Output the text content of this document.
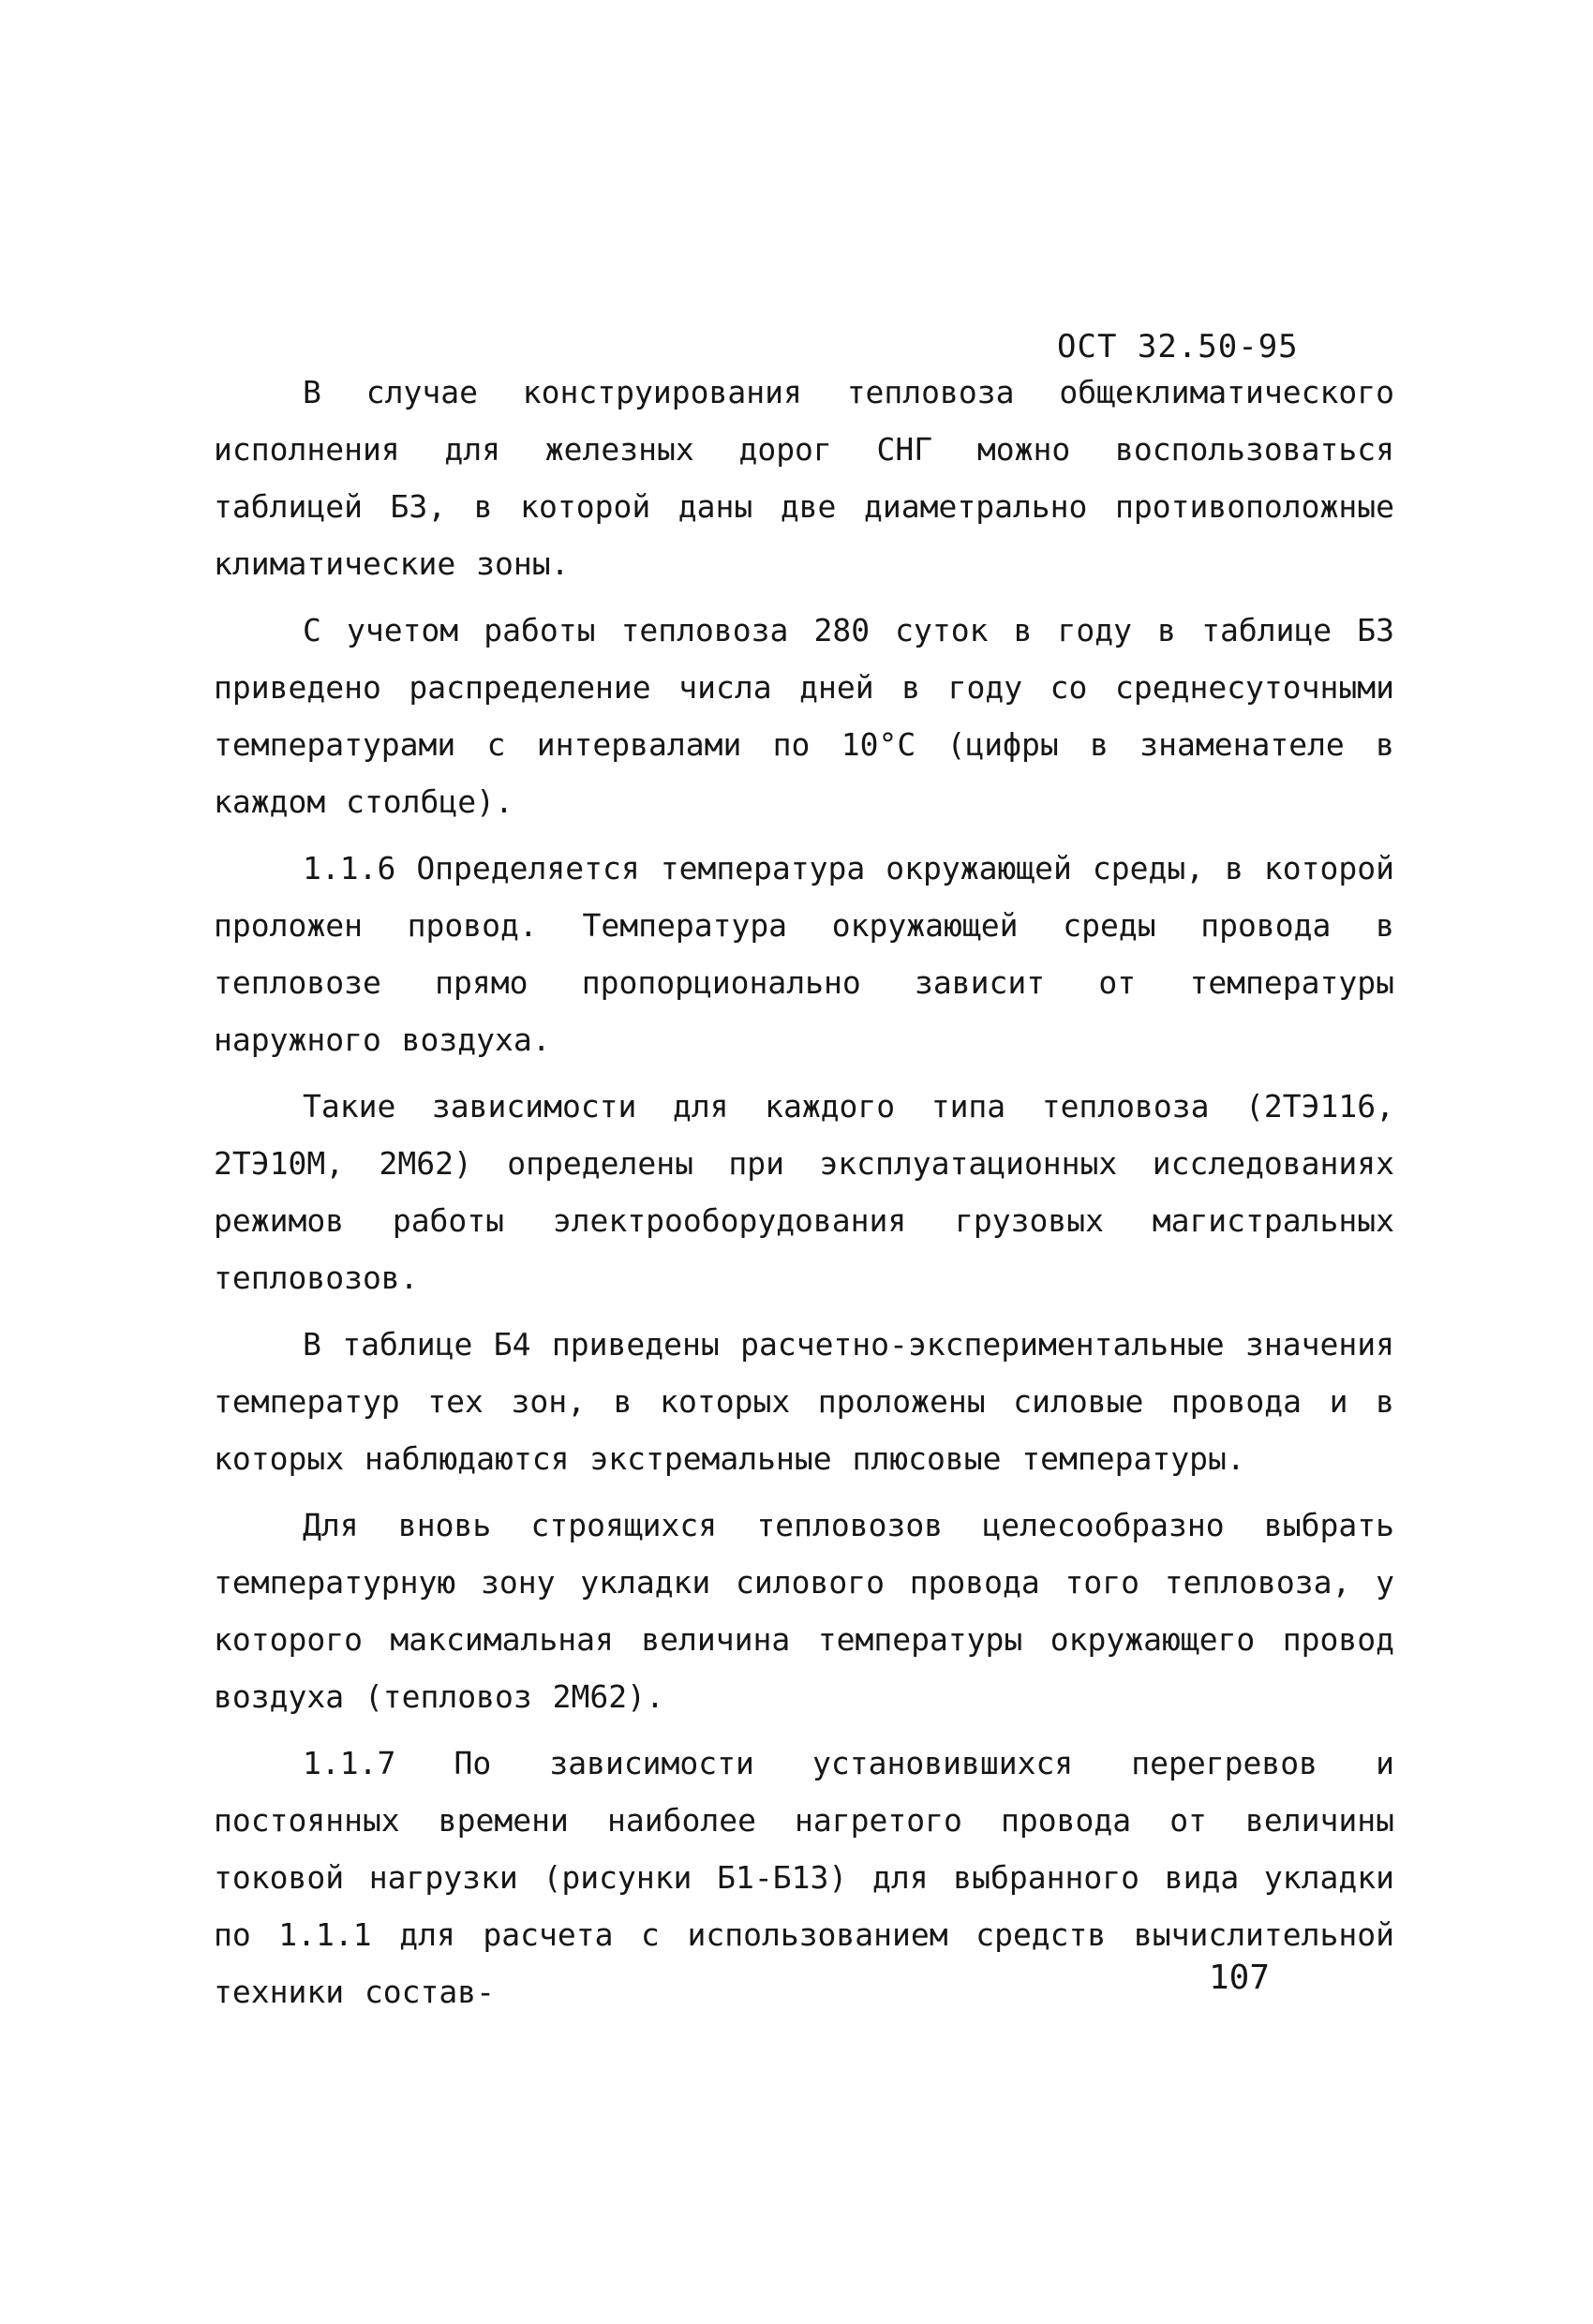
ОСТ 32.50-95

В случае конструирования тепловоза общеклиматического исполнения для железных дорог СНГ можно воспользоваться таблицей Б3, в которой даны две диаметрально противоположные климатические зоны.

С учетом работы тепловоза 280 суток в году в таблице Б3 приведено распределение числа дней в году со среднесуточными температурами с интервалами по 10°С (цифры в знаменателе в каждом столбце).

1.1.6 Определяется температура окружающей среды, в которой проложен провод. Температура окружающей среды провода в тепловозе прямо пропорционально зависит от температуры наружного воздуха.

Такие зависимости для каждого типа тепловоза (2ТЭ116, 2ТЭ10М, 2М62) определены при эксплуатационных исследованиях режимов работы электрооборудования грузовых магистральных тепловозов.

В таблице Б4 приведены расчетно-экспериментальные значения температур тех зон, в которых проложены силовые провода и в которых наблюдаются экстремальные плюсовые температуры.

Для вновь строящихся тепловозов целесообразно выбрать температурную зону укладки силового провода того тепловоза, у которого максимальная величина температуры окружающего провод воздуха (тепловоз 2М62).

1.1.7 По зависимости установившихся перегревов и постоянных времени наиболее нагретого провода от величины токовой нагрузки (рисунки Б1-Б13) для выбранного вида укладки по 1.1.1 для расчета с использованием средств вычислительной техники состав-	107
